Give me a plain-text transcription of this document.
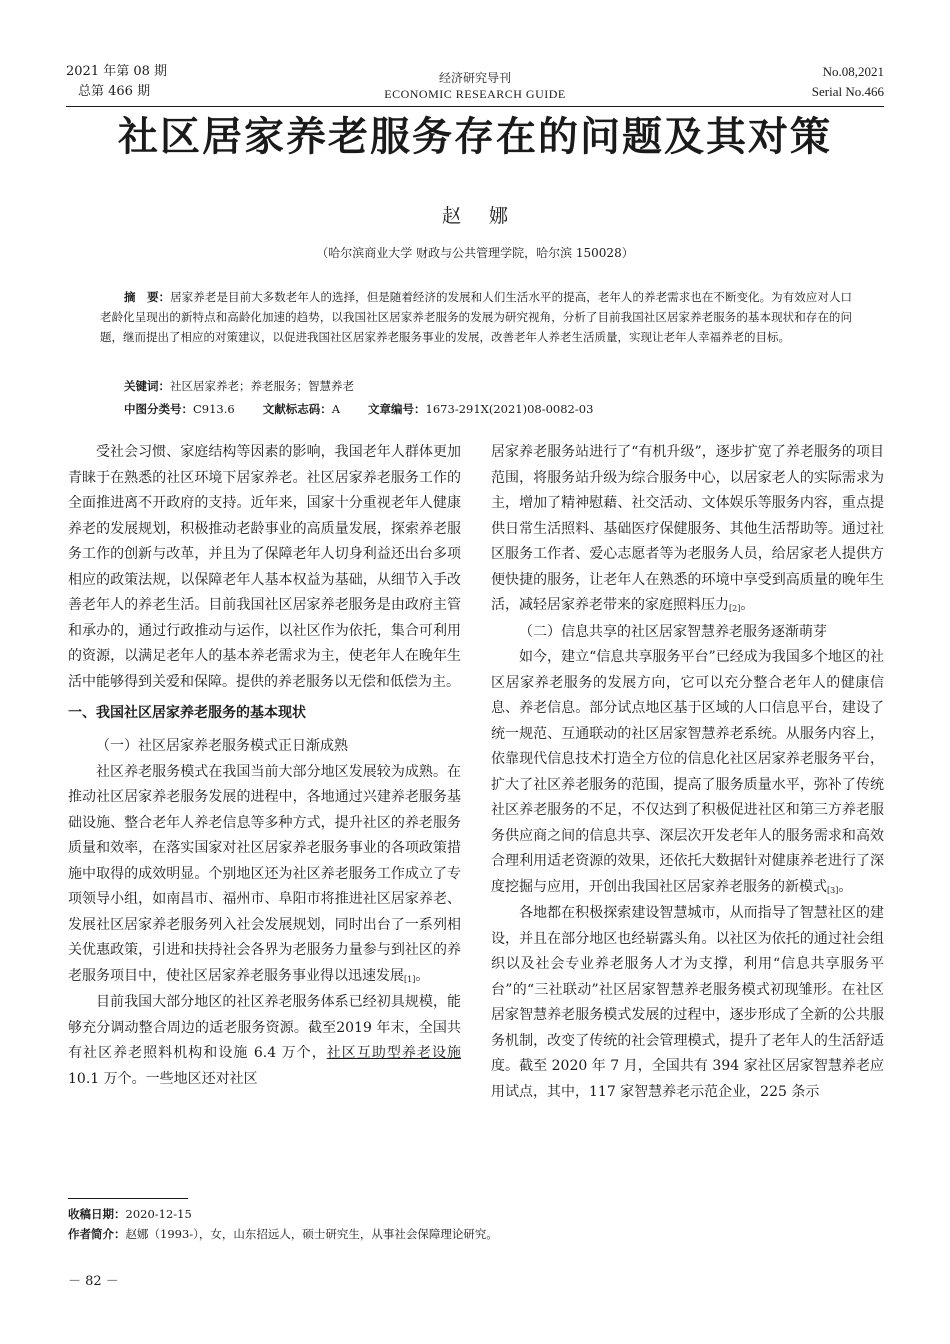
2021 年第 08 期
总第 466 期
经济研究导刊
ECONOMIC RESEARCH GUIDE
No.08,2021
Serial No.466
社区居家养老服务存在的问题及其对策
赵娜
（哈尔滨商业大学 财政与公共管理学院，哈尔滨 150028）

摘　要：居家养老是目前大多数老年人的选择，但是随着经济的发展和人们生活水平的提高，老年人的养老需求也在不断变化。为有效应对人口老龄化呈现出的新特点和高龄化加速的趋势，以我国社区居家养老服务的发展为研究视角，分析了目前我国社区居家养老服务的基本现状和存在的问题，继而提出了相应的对策建议，以促进我国社区居家养老服务事业的发展，改善老年人养老生活质量，实现让老年人幸福养老的目标。

关键词：社区居家养老；养老服务；智慧养老
中图分类号：C913.6 文献标志码：A 文章编号：1673-291X(2021)08-0082-03

受社会习惯、家庭结构等因素的影响，我国老年人群体更加青睐于在熟悉的社区环境下居家养老。社区居家养老服务工作的全面推进离不开政府的支持。近年来，国家十分重视老年人健康养老的发展规划，积极推动老龄事业的高质量发展，探索养老服务工作的创新与改革，并且为了保障老年人切身利益还出台多项相应的政策法规，以保障老年人基本权益为基础，从细节入手改善老年人的养老生活。目前我国社区居家养老服务是由政府主管和承办的，通过行政推动与运作，以社区作为依托，集合可利用的资源，以满足老年人的基本养老需求为主，使老年人在晚年生活中能够得到关爱和保障。提供的养老服务以无偿和低偿为主。

一、我国社区居家养老服务的基本现状

（一）社区居家养老服务模式正日渐成熟

社区养老服务模式在我国当前大部分地区发展较为成熟。在推动社区居家养老服务发展的进程中，各地通过兴建养老服务基础设施、整合老年人养老信息等多种方式，提升社区的养老服务质量和效率，在落实国家对社区居家养老服务事业的各项政策措施中取得的成效明显。个别地区还为社区养老服务工作成立了专项领导小组，如南昌市、福州市、阜阳市将推进社区居家养老、发展社区居家养老服务列入社会发展规划，同时出台了一系列相关优惠政策，引进和扶持社会各界为老服务力量参与到社区的养老服务项目中，使社区居家养老服务事业得以迅速发展[1]。

目前我国大部分地区的社区养老服务体系已经初具规模，能够充分调动整合周边的适老服务资源。截至2019 年末，全国共有社区养老照料机构和设施 6.4 万个，社区互助型养老设施 10.1 万个。一些地区还对社区

居家养老服务站进行了“有机升级”，逐步扩宽了养老服务的项目范围，将服务站升级为综合服务中心，以居家老人的实际需求为主，增加了精神慰藉、社交活动、文体娱乐等服务内容，重点提供日常生活照料、基础医疗保健服务、其他生活帮助等。通过社区服务工作者、爱心志愿者等为老服务人员，给居家老人提供方便快捷的服务，让老年人在熟悉的环境中享受到高质量的晚年生活，减轻居家养老带来的家庭照料压力[2]。

（二）信息共享的社区居家智慧养老服务逐渐萌芽

如今，建立“信息共享服务平台”已经成为我国多个地区的社区居家养老服务的发展方向，它可以充分整合老年人的健康信息、养老信息。部分试点地区基于区域的人口信息平台，建设了统一规范、互通联动的社区居家智慧养老系统。从服务内容上，依靠现代信息技术打造全方位的信息化社区居家养老服务平台，扩大了社区养老服务的范围，提高了服务质量水平，弥补了传统社区养老服务的不足，不仅达到了积极促进社区和第三方养老服务供应商之间的信息共享、深层次开发老年人的服务需求和高效合理利用适老资源的效果，还依托大数据针对健康养老进行了深度挖掘与应用，开创出我国社区居家养老服务的新模式[3]。

各地都在积极探索建设智慧城市，从而指导了智慧社区的建设，并且在部分地区也经崭露头角。以社区为依托的通过社会组织以及社会专业养老服务人才为支撑，利用“信息共享服务平台”的“三社联动”社区居家智慧养老服务模式初现雏形。在社区居家智慧养老服务模式发展的过程中，逐步形成了全新的公共服务机制，改变了传统的社会管理模式，提升了老年人的生活舒适度。截至 2020 年 7 月，全国共有 394 家社区居家智慧养老应用试点，其中，117 家智慧养老示范企业，225 条示

收稿日期：2020-12-15
作者简介：赵娜（1993-），女，山东招远人，硕士研究生，从事社会保障理论研究。
－ 82 －
